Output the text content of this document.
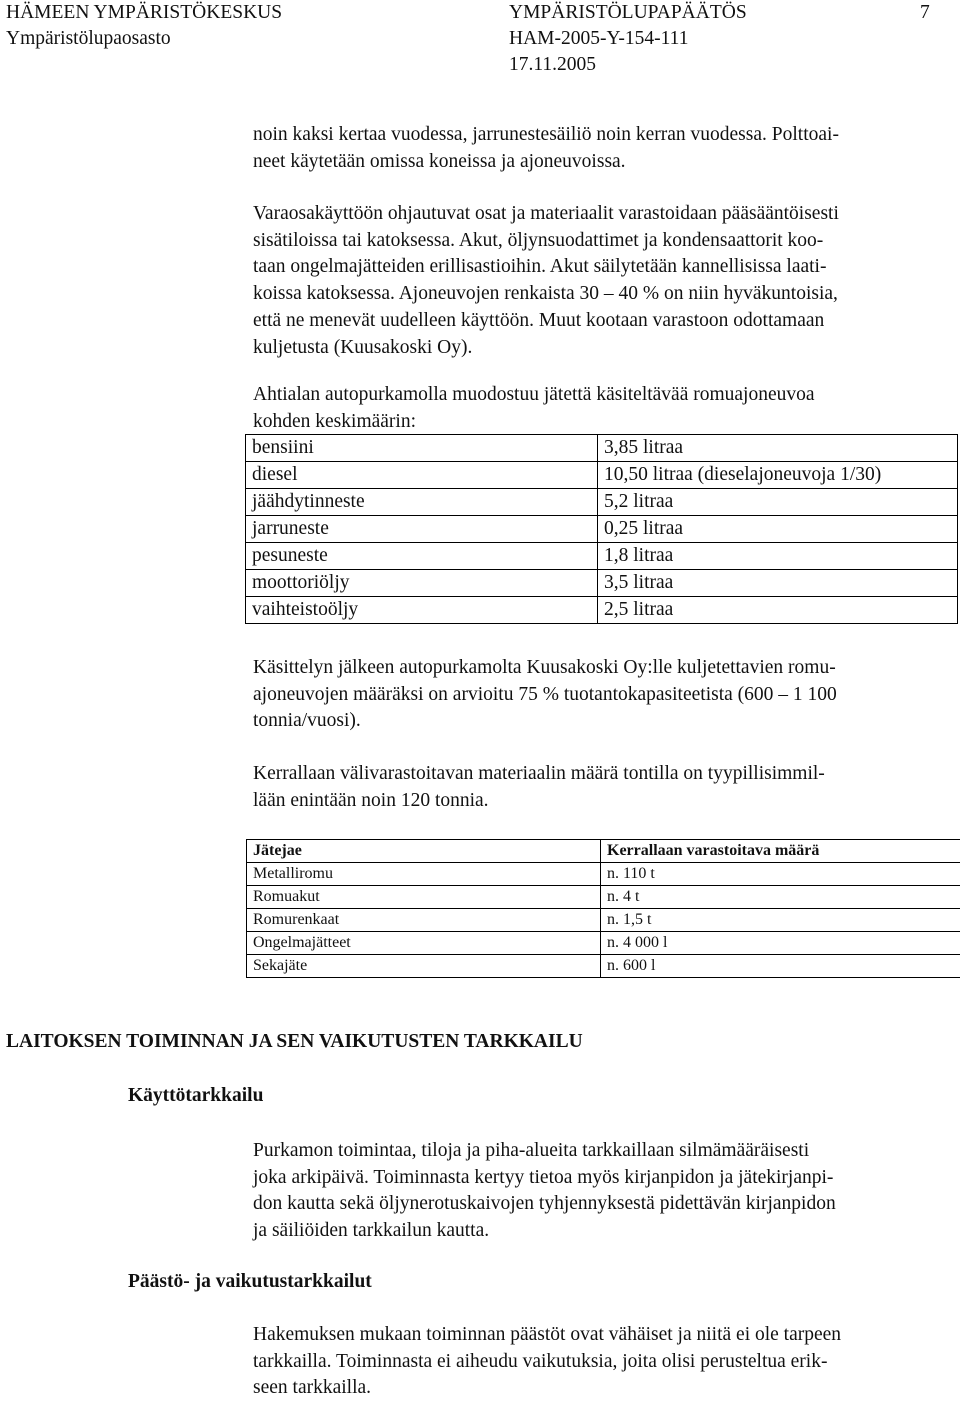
HÄMEEN YMPÄRISTÖKESKUS
Ympäristölupaosasto
YMPÄRISTÖLUPAPÄÄTÖS
HAM-2005-Y-154-111
17.11.2005
7
noin kaksi kertaa vuodessa, jarrunestesäiliö noin kerran vuodessa. Polttoai-
neet käytetään omissa koneissa ja ajoneuvoissa.
Varaosakäyttöön ohjautuvat osat ja materiaalit varastoidaan pääsääntöisesti
sisätiloissa tai katoksessa. Akut, öljynsuodattimet ja kondensaattorit koo-
taan ongelmajätteiden erillisastioihin. Akut säilytetään kannellisissa laati-
koissa katoksessa. Ajoneuvojen renkaista 30 – 40 % on niin hyväkuntoisia,
että ne menevät uudelleen käyttöön. Muut kootaan varastoon odottamaan
kuljetusta (Kuusakoski Oy).
Ahtialan autopurkamolla muodostuu jätettä käsiteltävää romuajoneuvoa
kohden keskimäärin:
bensiini	3,85 litraa
diesel	10,50 litraa (dieselajoneuvoja 1/30)
jäähdytinneste	5,2 litraa
jarruneste	0,25 litraa
pesuneste	1,8 litraa
moottoriöljy	3,5 litraa
vaihteistoöljy	2,5 litraa
Käsittelyn jälkeen autopurkamolta Kuusakoski Oy:lle kuljetettavien romu-
ajoneuvojen määräksi on arvioitu 75 % tuotantokapasiteetista (600 – 1 100
tonnia/vuosi).
Kerrallaan välivarastoitavan materiaalin määrä tontilla on tyypillisimmil-
lään enintään noin 120 tonnia.
Jätejae	Kerrallaan varastoitava määrä
Metalliromu	n. 110 t
Romuakut	n. 4 t
Romurenkaat	n. 1,5 t
Ongelmajätteet	n. 4 000 l
Sekajäte	n. 600 l
LAITOKSEN TOIMINNAN JA SEN VAIKUTUSTEN TARKKAILU
Käyttötarkkailu
Purkamon toimintaa, tiloja ja piha-alueita tarkkaillaan silmämääräisesti
joka arkipäivä. Toiminnasta kertyy tietoa myös kirjanpidon ja jätekirjanpi-
don kautta sekä öljynerotuskaivojen tyhjennyksestä pidettävän kirjanpidon
ja säiliöiden tarkkailun kautta.
Päästö- ja vaikutustarkkailut
Hakemuksen mukaan toiminnan päästöt ovat vähäiset ja niitä ei ole tarpeen
tarkkailla. Toiminnasta ei aiheudu vaikutuksia, joita olisi perusteltua erik-
seen tarkkailla.
